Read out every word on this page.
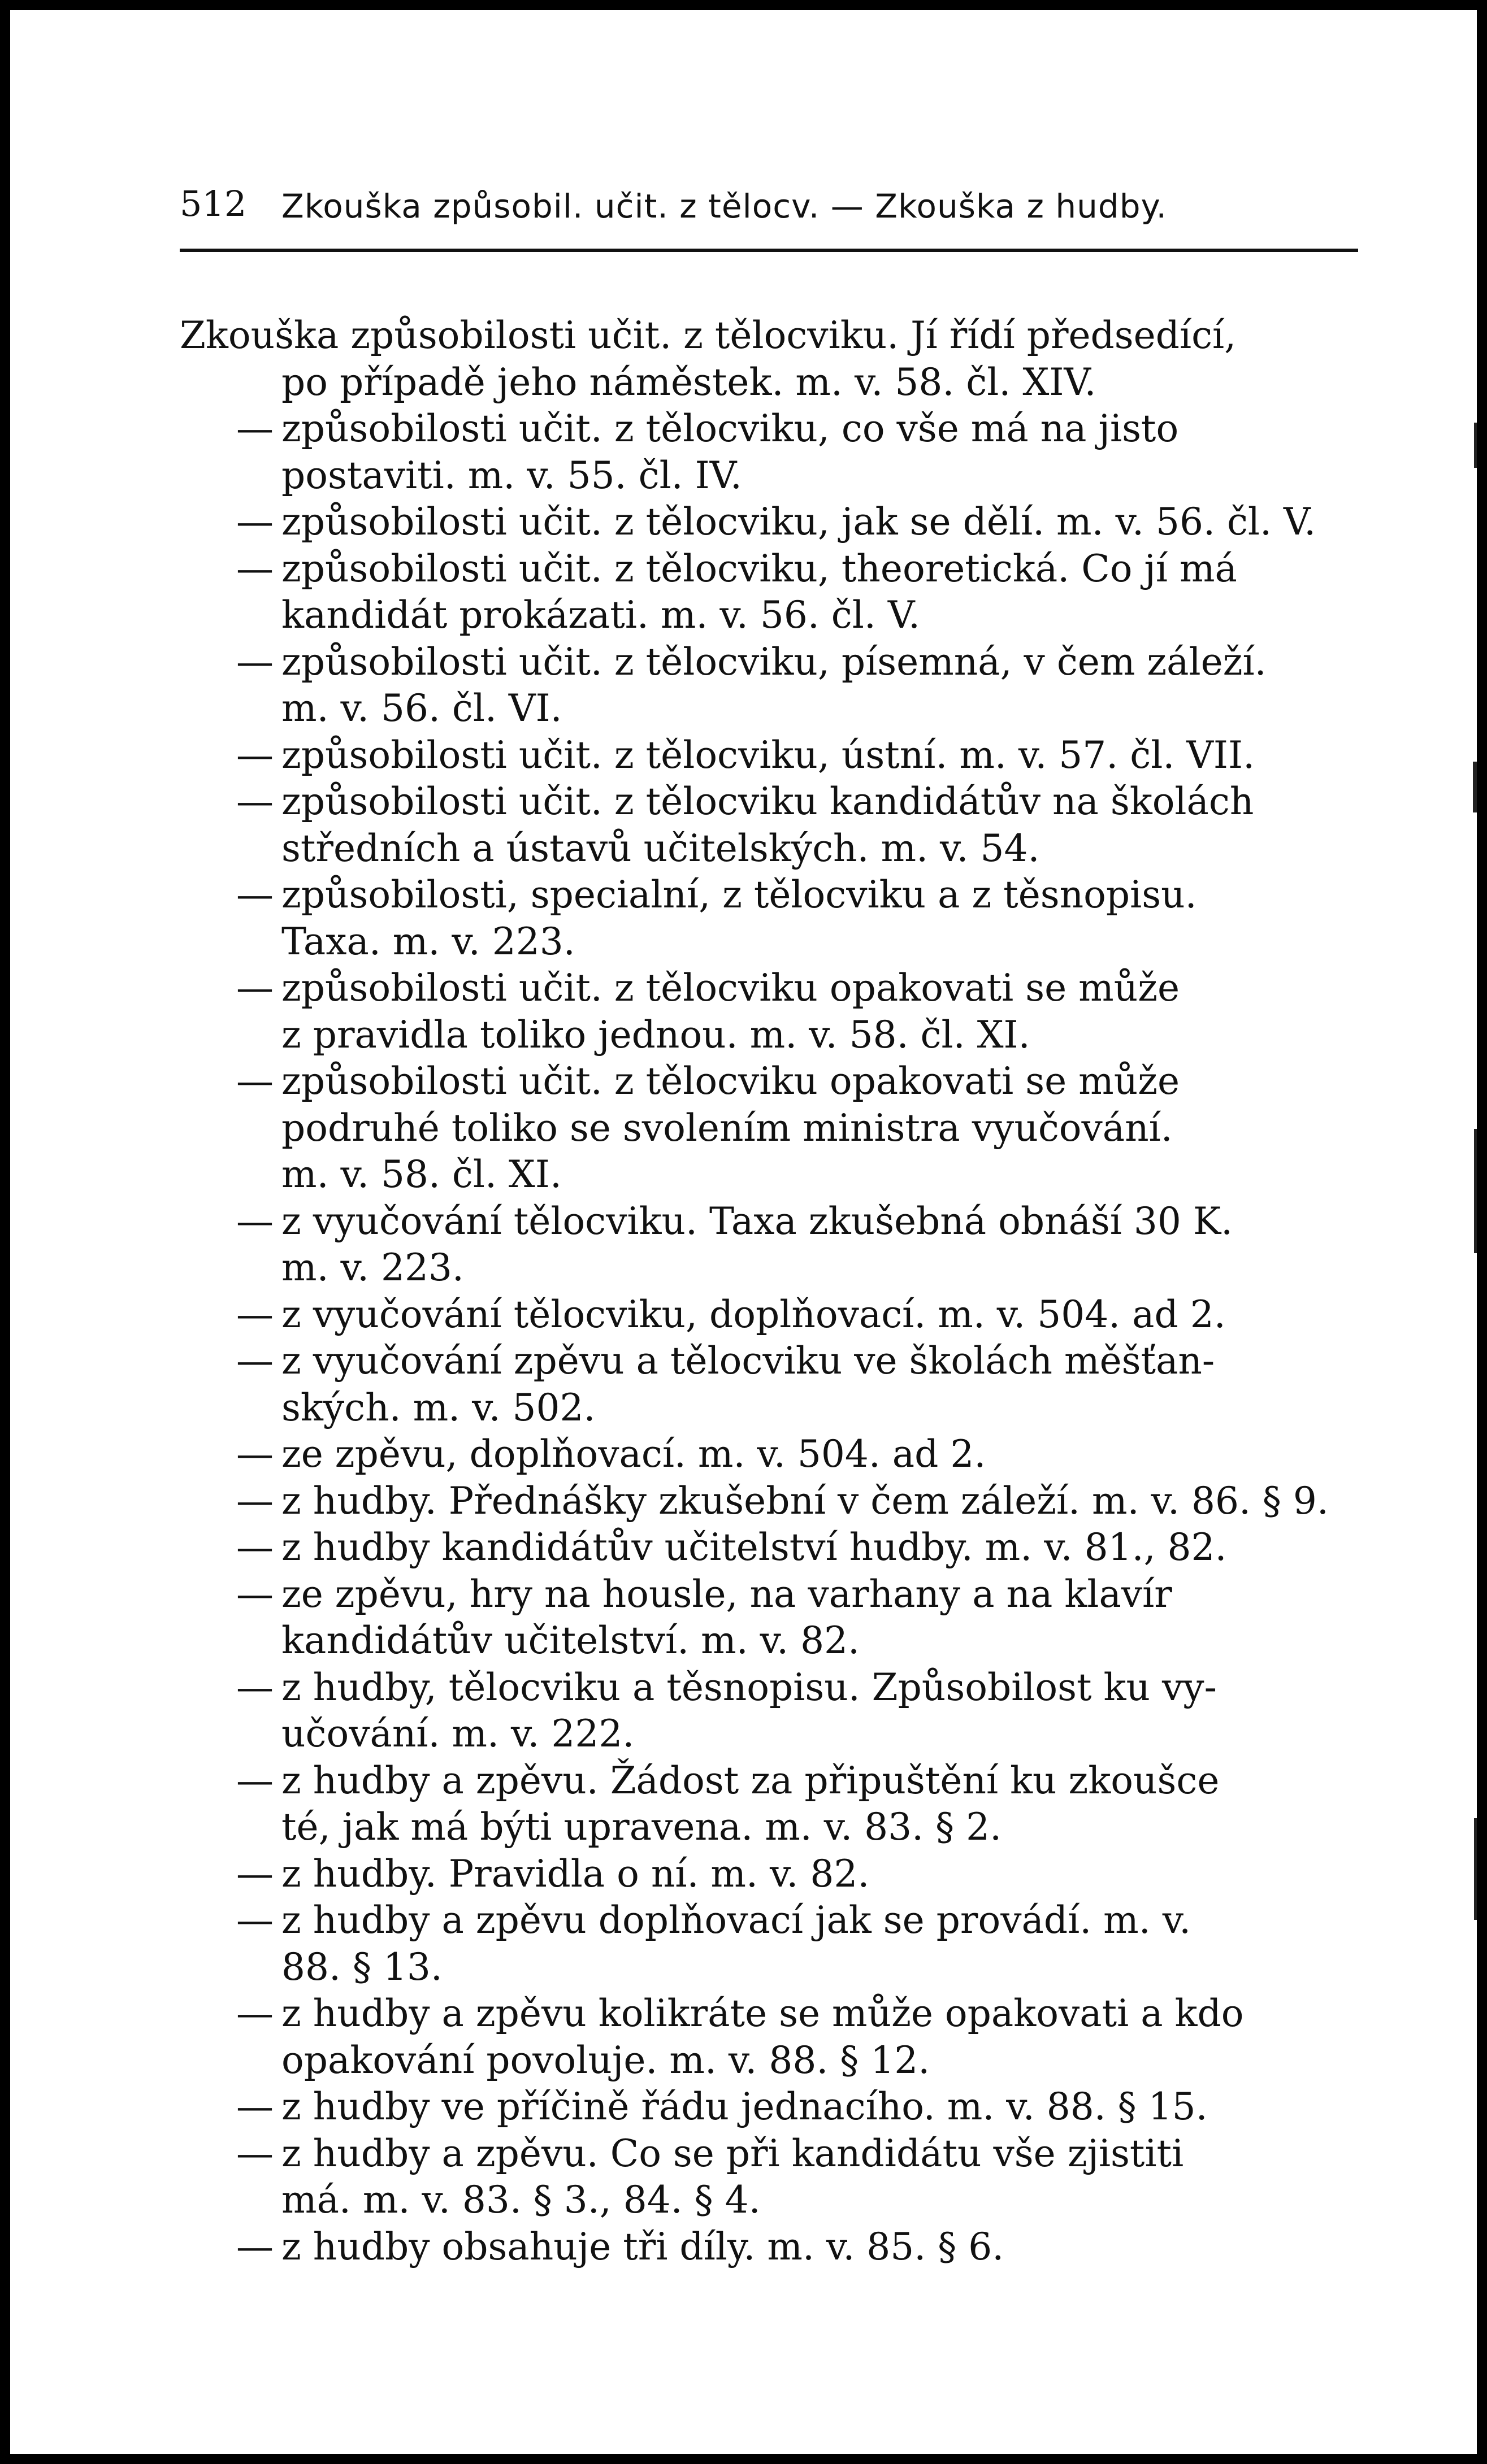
512 Zkouška způsobil. učit. z tělocv. — Zkouška z hudby.
Zkouška způsobilosti učit. z tělocviku. Jí řídí předsedící,
po případě jeho náměstek. m. v. 58. čl. XIV.
— způsobilosti učit. z tělocviku, co vše má na jisto
postaviti. m. v. 55. čl. IV.
— způsobilosti učit. z tělocviku, jak se dělí. m. v. 56. čl. V.
— způsobilosti učit. z tělocviku, theoretická. Co jí má
kandidát prokázati. m. v. 56. čl. V.
— způsobilosti učit. z tělocviku, písemná, v čem záleží.
m. v. 56. čl. VI.
— způsobilosti učit. z tělocviku, ústní. m. v. 57. čl. VII.
— způsobilosti učit. z tělocviku kandidátův na školách
středních a ústavů učitelských. m. v. 54.
— způsobilosti, specialní, z tělocviku a z těsnopisu.
Taxa. m. v. 223.
— způsobilosti učit. z tělocviku opakovati se může
z pravidla toliko jednou. m. v. 58. čl. XI.
— způsobilosti učit. z tělocviku opakovati se může
podruhé toliko se svolením ministra vyučování.
m. v. 58. čl. XI.
— z vyučování tělocviku. Taxa zkušebná obnáší 30 K.
m. v. 223.
— z vyučování tělocviku, doplňovací. m. v. 504. ad 2.
— z vyučování zpěvu a tělocviku ve školách měšťan-
ských. m. v. 502.
— ze zpěvu, doplňovací. m. v. 504. ad 2.
— z hudby. Přednášky zkušební v čem záleží. m. v. 86. § 9.
— z hudby kandidátův učitelství hudby. m. v. 81., 82.
— ze zpěvu, hry na housle, na varhany a na klavír
kandidátův učitelství. m. v. 82.
— z hudby, tělocviku a těsnopisu. Způsobilost ku vy-
učování. m. v. 222.
— z hudby a zpěvu. Žádost za připuštění ku zkoušce
té, jak má býti upravena. m. v. 83. § 2.
— z hudby. Pravidla o ní. m. v. 82.
— z hudby a zpěvu doplňovací jak se provádí. m. v.
88. § 13.
— z hudby a zpěvu kolikráte se může opakovati a kdo
opakování povoluje. m. v. 88. § 12.
— z hudby ve příčině řádu jednacího. m. v. 88. § 15.
— z hudby a zpěvu. Co se při kandidátu vše zjistiti
má. m. v. 83. § 3., 84. § 4.
— z hudby obsahuje tři díly. m. v. 85. § 6.
